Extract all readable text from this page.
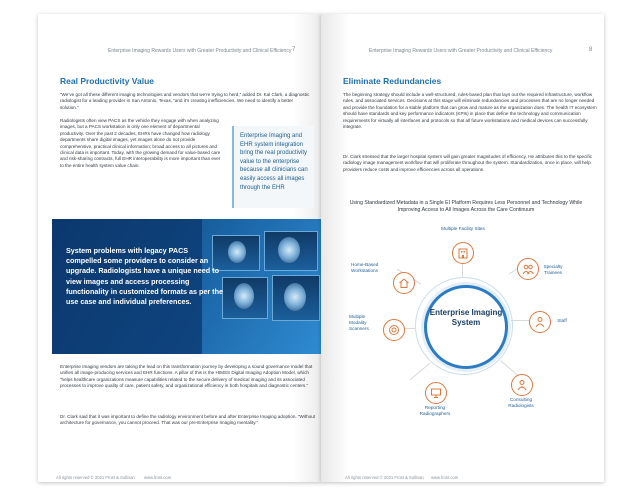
Enterprise Imaging Rewards Users with Greater Productivity and Clinical Efficiency 7
Real Productivity Value
“We’ve got all these different imaging technologies and vendors that we’re trying to herd,” added Dr. Kal Clark, a diagnostic radiologist for a leading provider in San Antonio, Texas, “and it’s creating inefficiencies. We need to identify a better solution.”
Radiologists often view PACS as the vehicle they engage with when analyzing images, but a PACS workstation is only one element of departmental productivity. Over the past 2 decades, EHRs have changed how radiology departments share digital images, yet images alone do not provide comprehensive, practical clinical information; broad access to all pictures and clinical data is important. Today, with the growing demand for value-based care and risk-sharing contracts, full EHR interoperability is more important than ever to the entire health system value chain.
Enterprise Imaging and EHR system integration bring the real productivity value to the enterprise because all clinicians can easily access all images through the EHR
System problems with legacy PACS compelled some providers to consider an upgrade. Radiologists have a unique need to view images and access processing functionality in customized formats as per the use case and individual preferences.
Enterprise Imaging vendors are taking the lead on this transformation journey by developing a sound governance model that unifies all image-producing services and EHR functions. A pillar of this is the HIMSS Digital Imaging Adoption Model, which “helps healthcare organizations measure capabilities related to the secure delivery of medical imaging and its associated processes to improve quality of care, patient safety, and organizational efficiency in both hospitals and diagnostic centers.”
Dr. Clark said that it was important to define the radiology environment before and after Enterprise Imaging adoption. “Without architecture for governance, you cannot proceed. That was our pre-Enterprise Imaging mentality.”
All rights reserved © 2021 Frost & Sullivan www.frost.com
Enterprise Imaging Rewards Users with Greater Productivity and Clinical Efficiency	8
Eliminate Redundancies
The beginning strategy should include a well-structured, rules-based plan that lays out the required infrastructure, workflow rules, and associated services. Decisions at this stage will eliminate redundancies and processes that are no longer needed and provide the foundation for a stable platform that can grow and mature as the organization does. The health IT ecosystem should have standards and key performance indicators (KPIs) in place that define the technology and communication requirements for virtually all interfaces and protocols so that all future workstations and medical devices can successfully integrate.
Dr. Clark stressed that the larger hospital system will gain greater magnitudes of efficiency. He attributes this to the specific radiology image management workflow that will proliferate throughout the system. Standardization, once in place, will help providers reduce costs and improve efficiencies across all operations.
Using Standardized Metadata in a Single EI Platform Requires Less Personnel and Technology While Improving Access to All Images Across the Care Continuum
Enterprise Imaging System
Multiple Facility Sites
Specialty Trainees
Staff
Consulting Radiologists
Reporting Radiographers
Multiple Modality Scanners
Home-Based Workstations
All rights reserved © 2021 Frost & Sullivan www.frost.com
